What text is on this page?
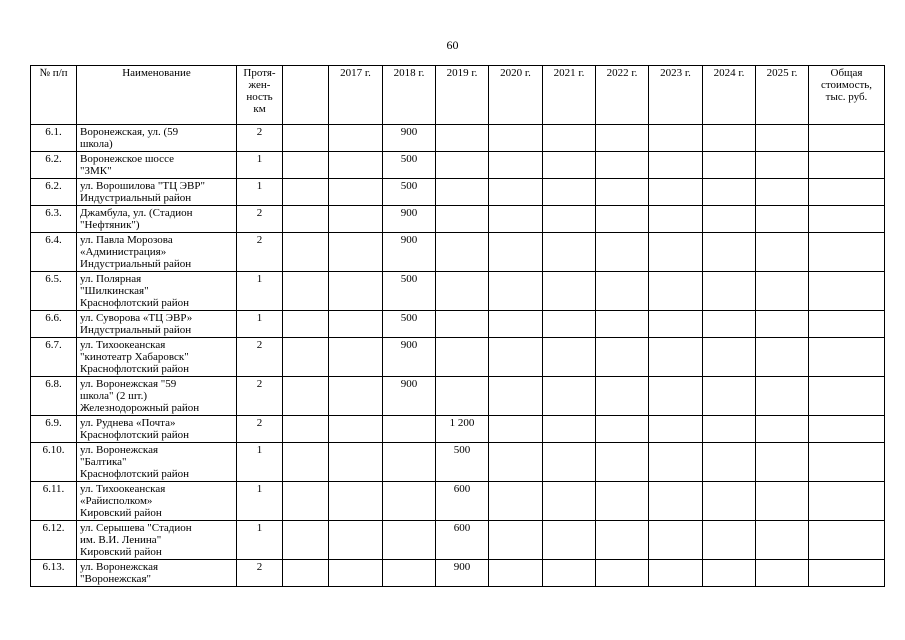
60
№ п/п	Наименование	Протя-
жен-
ность
км		2017 г.	2018 г.	2019 г.	2020 г.	2021 г.	2022 г.	2023 г.	2024 г.	2025 г.	Общая
стоимость,
тыс. руб.
6.1.	Воронежская, ул. (59
школа)	2			900								
6.2.	Воронежское шоссе
"ЗМК"	1			500								
6.2.	ул. Ворошилова "ТЦ ЭВР"
Индустриальный район	1			500								
6.3.	Джамбула, ул. (Стадион
"Нефтяник")	2			900								
6.4.	ул. Павла Морозова
«Администрация»
Индустриальный район	2			900								
6.5.	ул. Полярная
"Шилкинская"
Краснофлотский район	1			500								
6.6.	ул. Суворова «ТЦ ЭВР»
Индустриальный район	1			500								
6.7.	ул. Тихоокеанская
"кинотеатр Хабаровск"
Краснофлотский район	2			900								
6.8.	ул. Воронежская "59
школа" (2 шт.)
Железнодорожный район	2			900								
6.9.	ул. Руднева «Почта»
Краснофлотский район	2				1 200							
6.10.	ул. Воронежская
"Балтика"
Краснофлотский район	1				500							
6.11.	ул. Тихоокеанская
«Райисполком»
Кировский район	1				600							
6.12.	ул. Серышева "Стадион
им. В.И. Ленина"
Кировский район	1				600							
6.13.	ул. Воронежская
"Воронежская"	2				900							
